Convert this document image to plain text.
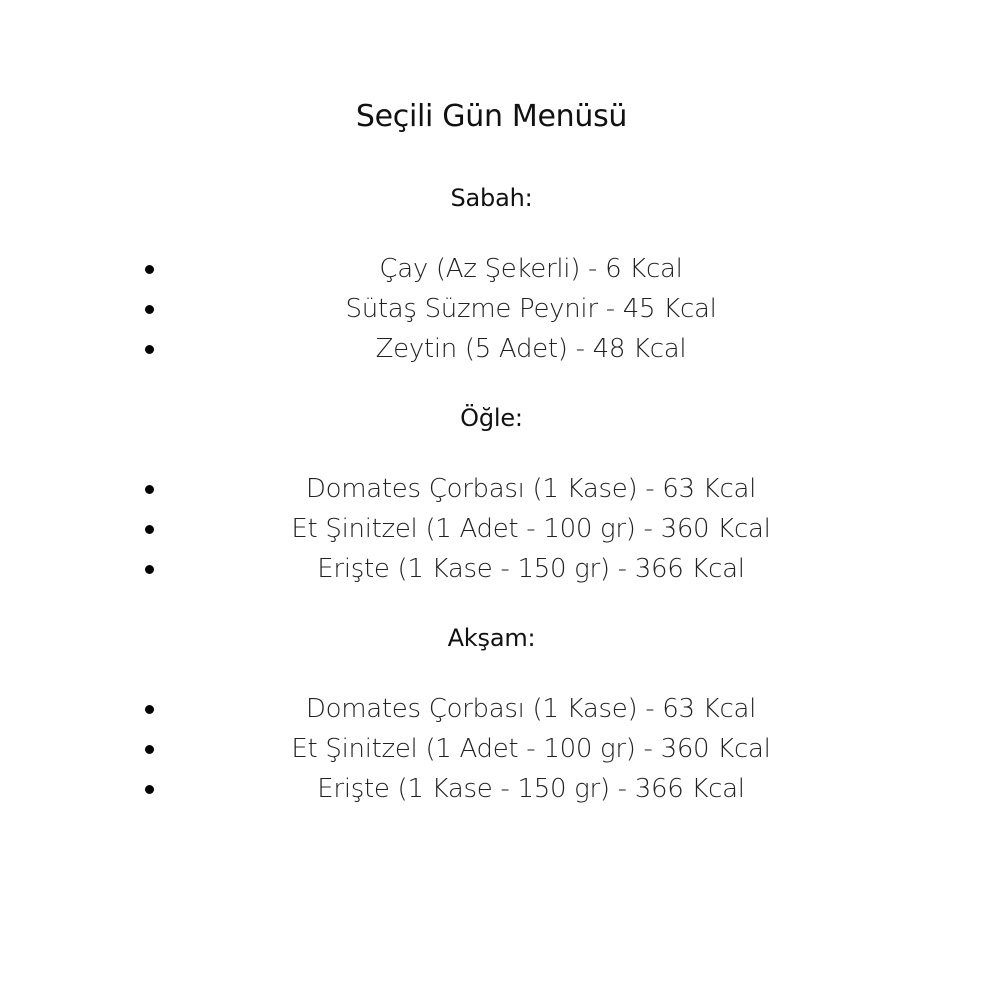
Seçili Gün Menüsü
Sabah:
Çay (Az Şekerli) - 6 Kcal
Sütaş Süzme Peynir - 45 Kcal
Zeytin (5 Adet) - 48 Kcal
Öğle:
Domates Çorbası (1 Kase) - 63 Kcal
Et Şinitzel (1 Adet - 100 gr) - 360 Kcal
Erişte (1 Kase - 150 gr) - 366 Kcal
Akşam:
Domates Çorbası (1 Kase) - 63 Kcal
Et Şinitzel (1 Adet - 100 gr) - 360 Kcal
Erişte (1 Kase - 150 gr) - 366 Kcal
